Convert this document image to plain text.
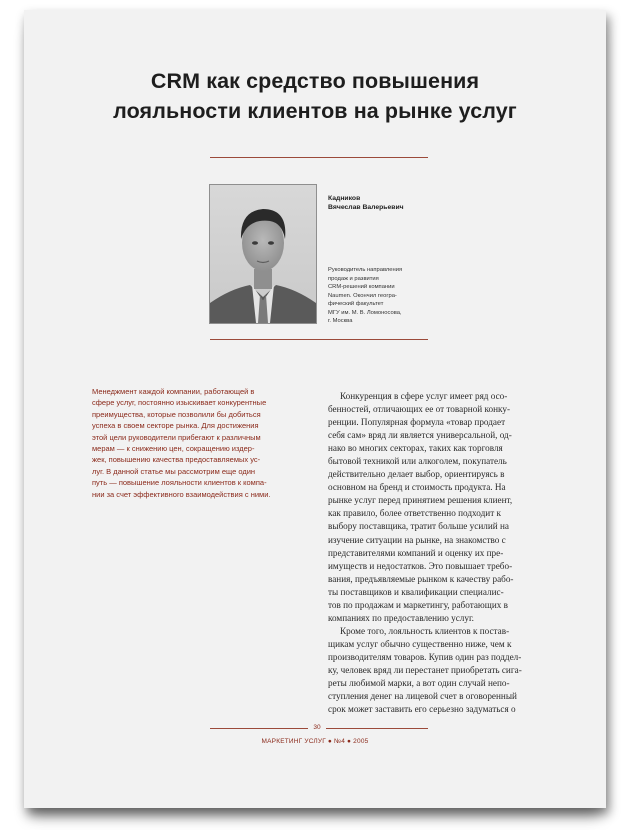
CRM как средство повышения
лояльности клиентов на рынке услуг
Кадников
Вячеслав Валерьевич
Руководитель направления
продаж и развития
CRM-решений компании
Naumen. Окончил геогра-
фический факультет
МГУ им. М. В. Ломоносова,
г. Москва
Менеджмент каждой компании, работающей в
сфере услуг, постоянно изыскивает конкурентные
преимущества, которые позволили бы добиться
успеха в своем секторе рынка. Для достижения
этой цели руководители прибегают к различным
мерам — к снижению цен, сокращению издер-
жек, повышению качества предоставляемых ус-
луг. В данной статье мы рассмотрим еще один
путь — повышение лояльности клиентов к компа-
нии за счет эффективного взаимодействия с ними.
Конкуренция в сфере услуг имеет ряд осо-
бенностей, отличающих ее от товарной конку-
ренции. Популярная формула «товар продает
себя сам» вряд ли является универсальной, од-
нако во многих секторах, таких как торговля
бытовой техникой или алкоголем, покупатель
действительно делает выбор, ориентируясь в
основном на бренд и стоимость продукта. На
рынке услуг перед принятием решения клиент,
как правило, более ответственно подходит к
выбору поставщика, тратит больше усилий на
изучение ситуации на рынке, на знакомство с
представителями компаний и оценку их пре-
имуществ и недостатков. Это повышает требо-
вания, предъявляемые рынком к качеству рабо-
ты поставщиков и квалификации специалис-
тов по продажам и маркетингу, работающих в
компаниях по предоставлению услуг.
Кроме того, лояльность клиентов к постав-
щикам услуг обычно существенно ниже, чем к
производителям товаров. Купив один раз поддел-
ку, человек вряд ли перестанет приобретать сига-
реты любимой марки, а вот один случай непо-
ступления денег на лицевой счет в оговоренный
срок может заставить его серьезно задуматься о
30
МАРКЕТИНГ УСЛУГ ● №4 ● 2005
